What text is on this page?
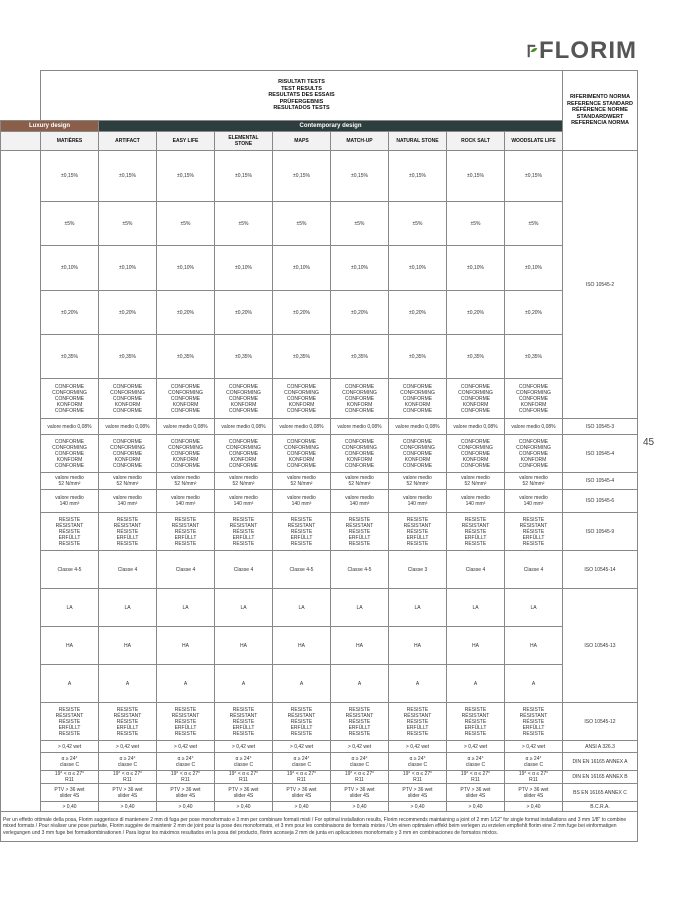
FLORIM
45
	RISULTATI TESTS
TEST RESULTS
RESULTATS DES ESSAIS
PRÜFERGEBNIS
RESULTADOS TESTS									RIFERIMENTO NORMA
REFERENCE STANDARD
RÉFÉRENCE NORME
STANDARDWERT
REFERENCIA NORMA
Luxury design		Contemporary design								
	MATIÈRES	ARTIFACT	EASY LIFE	ELEMENTAL
STONE	MAPS	MATCH-UP	NATURAL STONE	ROCK SALT	WOODSLATE LIFE	
	±0,15%	±0,15%	±0,15%	±0,15%	±0,15%	±0,15%	±0,15%	±0,15%	±0,15%	ISO 10545-2
	±5%	±5%	±5%	±5%	±5%	±5%	±5%	±5%	±5%	
	±0,10%	±0,10%	±0,10%	±0,10%	±0,10%	±0,10%	±0,10%	±0,10%	±0,10%	
	±0,20%	±0,20%	±0,20%	±0,20%	±0,20%	±0,20%	±0,20%	±0,20%	±0,20%	
	±0,35%	±0,35%	±0,35%	±0,35%	±0,35%	±0,35%	±0,35%	±0,35%	±0,35%	
	CONFORME
CONFORMING
CONFORME
KONFORM
CONFORME	CONFORME
CONFORMING
CONFORME
KONFORM
CONFORME	CONFORME
CONFORMING
CONFORME
KONFORM
CONFORME	CONFORME
CONFORMING
CONFORME
KONFORM
CONFORME	CONFORME
CONFORMING
CONFORME
KONFORM
CONFORME	CONFORME
CONFORMING
CONFORME
KONFORM
CONFORME	CONFORME
CONFORMING
CONFORME
KONFORM
CONFORME	CONFORME
CONFORMING
CONFORME
KONFORM
CONFORME	CONFORME
CONFORMING
CONFORME
KONFORM
CONFORME	
	valore medio 0,08%	valore medio 0,08%	valore medio 0,08%	valore medio 0,08%	valore medio 0,08%	valore medio 0,08%	valore medio 0,08%	valore medio 0,08%	valore medio 0,08%	ISO 10545-3
	CONFORME
CONFORMING
CONFORME
KONFORM
CONFORME	CONFORME
CONFORMING
CONFORME
KONFORM
CONFORME	CONFORME
CONFORMING
CONFORME
KONFORM
CONFORME	CONFORME
CONFORMING
CONFORME
KONFORM
CONFORME	CONFORME
CONFORMING
CONFORME
KONFORM
CONFORME	CONFORME
CONFORMING
CONFORME
KONFORM
CONFORME	CONFORME
CONFORMING
CONFORME
KONFORM
CONFORME	CONFORME
CONFORMING
CONFORME
KONFORM
CONFORME	CONFORME
CONFORMING
CONFORME
KONFORM
CONFORME	ISO 10545-4
	valore medio
52 N/mm²	valore medio
52 N/mm²	valore medio
52 N/mm²	valore medio
52 N/mm²	valore medio
52 N/mm²	valore medio
52 N/mm²	valore medio
52 N/mm²	valore medio
52 N/mm²	valore medio
52 N/mm²	ISO 10545-4
	valore medio
140 mm³	valore medio
140 mm³	valore medio
140 mm³	valore medio
140 mm³	valore medio
140 mm³	valore medio
140 mm³	valore medio
140 mm³	valore medio
140 mm³	valore medio
140 mm³	ISO 10545-6
	RESISTE
RÉSISTANT
RÉSISTE
ERFÜLLT
RESISTE	RESISTE
RÉSISTANT
RÉSISTE
ERFÜLLT
RESISTE	RESISTE
RÉSISTANT
RÉSISTE
ERFÜLLT
RESISTE	RESISTE
RÉSISTANT
RÉSISTE
ERFÜLLT
RESISTE	RESISTE
RÉSISTANT
RÉSISTE
ERFÜLLT
RESISTE	RESISTE
RÉSISTANT
RÉSISTE
ERFÜLLT
RESISTE	RESISTE
RÉSISTANT
RÉSISTE
ERFÜLLT
RESISTE	RESISTE
RÉSISTANT
RÉSISTE
ERFÜLLT
RESISTE	RESISTE
RÉSISTANT
RÉSISTE
ERFÜLLT
RESISTE	ISO 10545-9
	Classe 4-5	Classe 4	Classe 4	Classe 4	Classe 4-5	Classe 4-5	Classe 3	Classe 4	Classe 4	ISO 10545-14
	LA	LA	LA	LA	LA	LA	LA	LA	LA	ISO 10545-13
	HA	HA	HA	HA	HA	HA	HA	HA	HA	
	A	A	A	A	A	A	A	A	A	
	RESISTE
RÉSISTANT
RÉSISTE
ERFÜLLT
RESISTE	RESISTE
RÉSISTANT
RÉSISTE
ERFÜLLT
RESISTE	RESISTE
RÉSISTANT
RÉSISTE
ERFÜLLT
RESISTE	RESISTE
RÉSISTANT
RÉSISTE
ERFÜLLT
RESISTE	RESISTE
RÉSISTANT
RÉSISTE
ERFÜLLT
RESISTE	RESISTE
RÉSISTANT
RÉSISTE
ERFÜLLT
RESISTE	RESISTE
RÉSISTANT
RÉSISTE
ERFÜLLT
RESISTE	RESISTE
RÉSISTANT
RÉSISTE
ERFÜLLT
RESISTE	RESISTE
RÉSISTANT
RÉSISTE
ERFÜLLT
RESISTE	ISO 10545-12
	> 0,42 wet	> 0,42 wet	> 0,42 wet	> 0,42 wet	> 0,42 wet	> 0,42 wet	> 0,42 wet	> 0,42 wet	> 0,42 wet	ANSI A 326.3
	α ≥ 24°
classe C	α ≥ 24°
classe C	α ≥ 24°
classe C	α ≥ 24°
classe C	α ≥ 24°
classe C	α ≥ 24°
classe C	α ≥ 24°
classe C	α ≥ 24°
classe C	α ≥ 24°
classe C	DIN EN 16165 ANNEX A
	19° < α ≤ 27°
R11	19° < α ≤ 27°
R11	19° < α ≤ 27°
R11	19° < α ≤ 27°
R11	19° < α ≤ 27°
R11	19° < α ≤ 27°
R11	19° < α ≤ 27°
R11	19° < α ≤ 27°
R11	19° < α ≤ 27°
R11	DIN EN 16165 ANNEX B
	PTV > 36 wet
slider 4S	PTV > 36 wet
slider 4S	PTV > 36 wet
slider 4S	PTV > 36 wet
slider 4S	PTV > 36 wet
slider 4S	PTV > 36 wet
slider 4S	PTV > 36 wet
slider 4S	PTV > 36 wet
slider 4S	PTV > 36 wet
slider 4S	BS EN 16165 ANNEX C
	> 0,40	> 0,40	> 0,40	> 0,40	> 0,40	> 0,40	> 0,40	> 0,40	> 0,40	B.C.R.A.
Per un effetto ottimale della posa, Florim suggerisce di mantenere 2 mm di fuga per pose monoformato e 3 mm per combinare formati misti / For optimal installation results, Florim recommends maintaining a joint of 2 mm 1/12" for single format installations and 3 mm 1/8" to combine mixed formats / Pour réaliser une pose parfaite, Florim suggère de maintenir 2 mm de joint pour la pose des monoformats, et 3 mm pour les combinaisons de formats mixtes / Um einen optimalen effekt beim verlegen zu erzielen empfiehlt florim eine 2 mm fuge bei einformatigen verlegungen und 3 mm fuge bei formatkombinationen / Para lograr los máximos resultados en la posa del producto, florim aconseja 2 mm de junta en aplicaciones monoformato y 3 mm en combinaciones de formatos mixtos.										
